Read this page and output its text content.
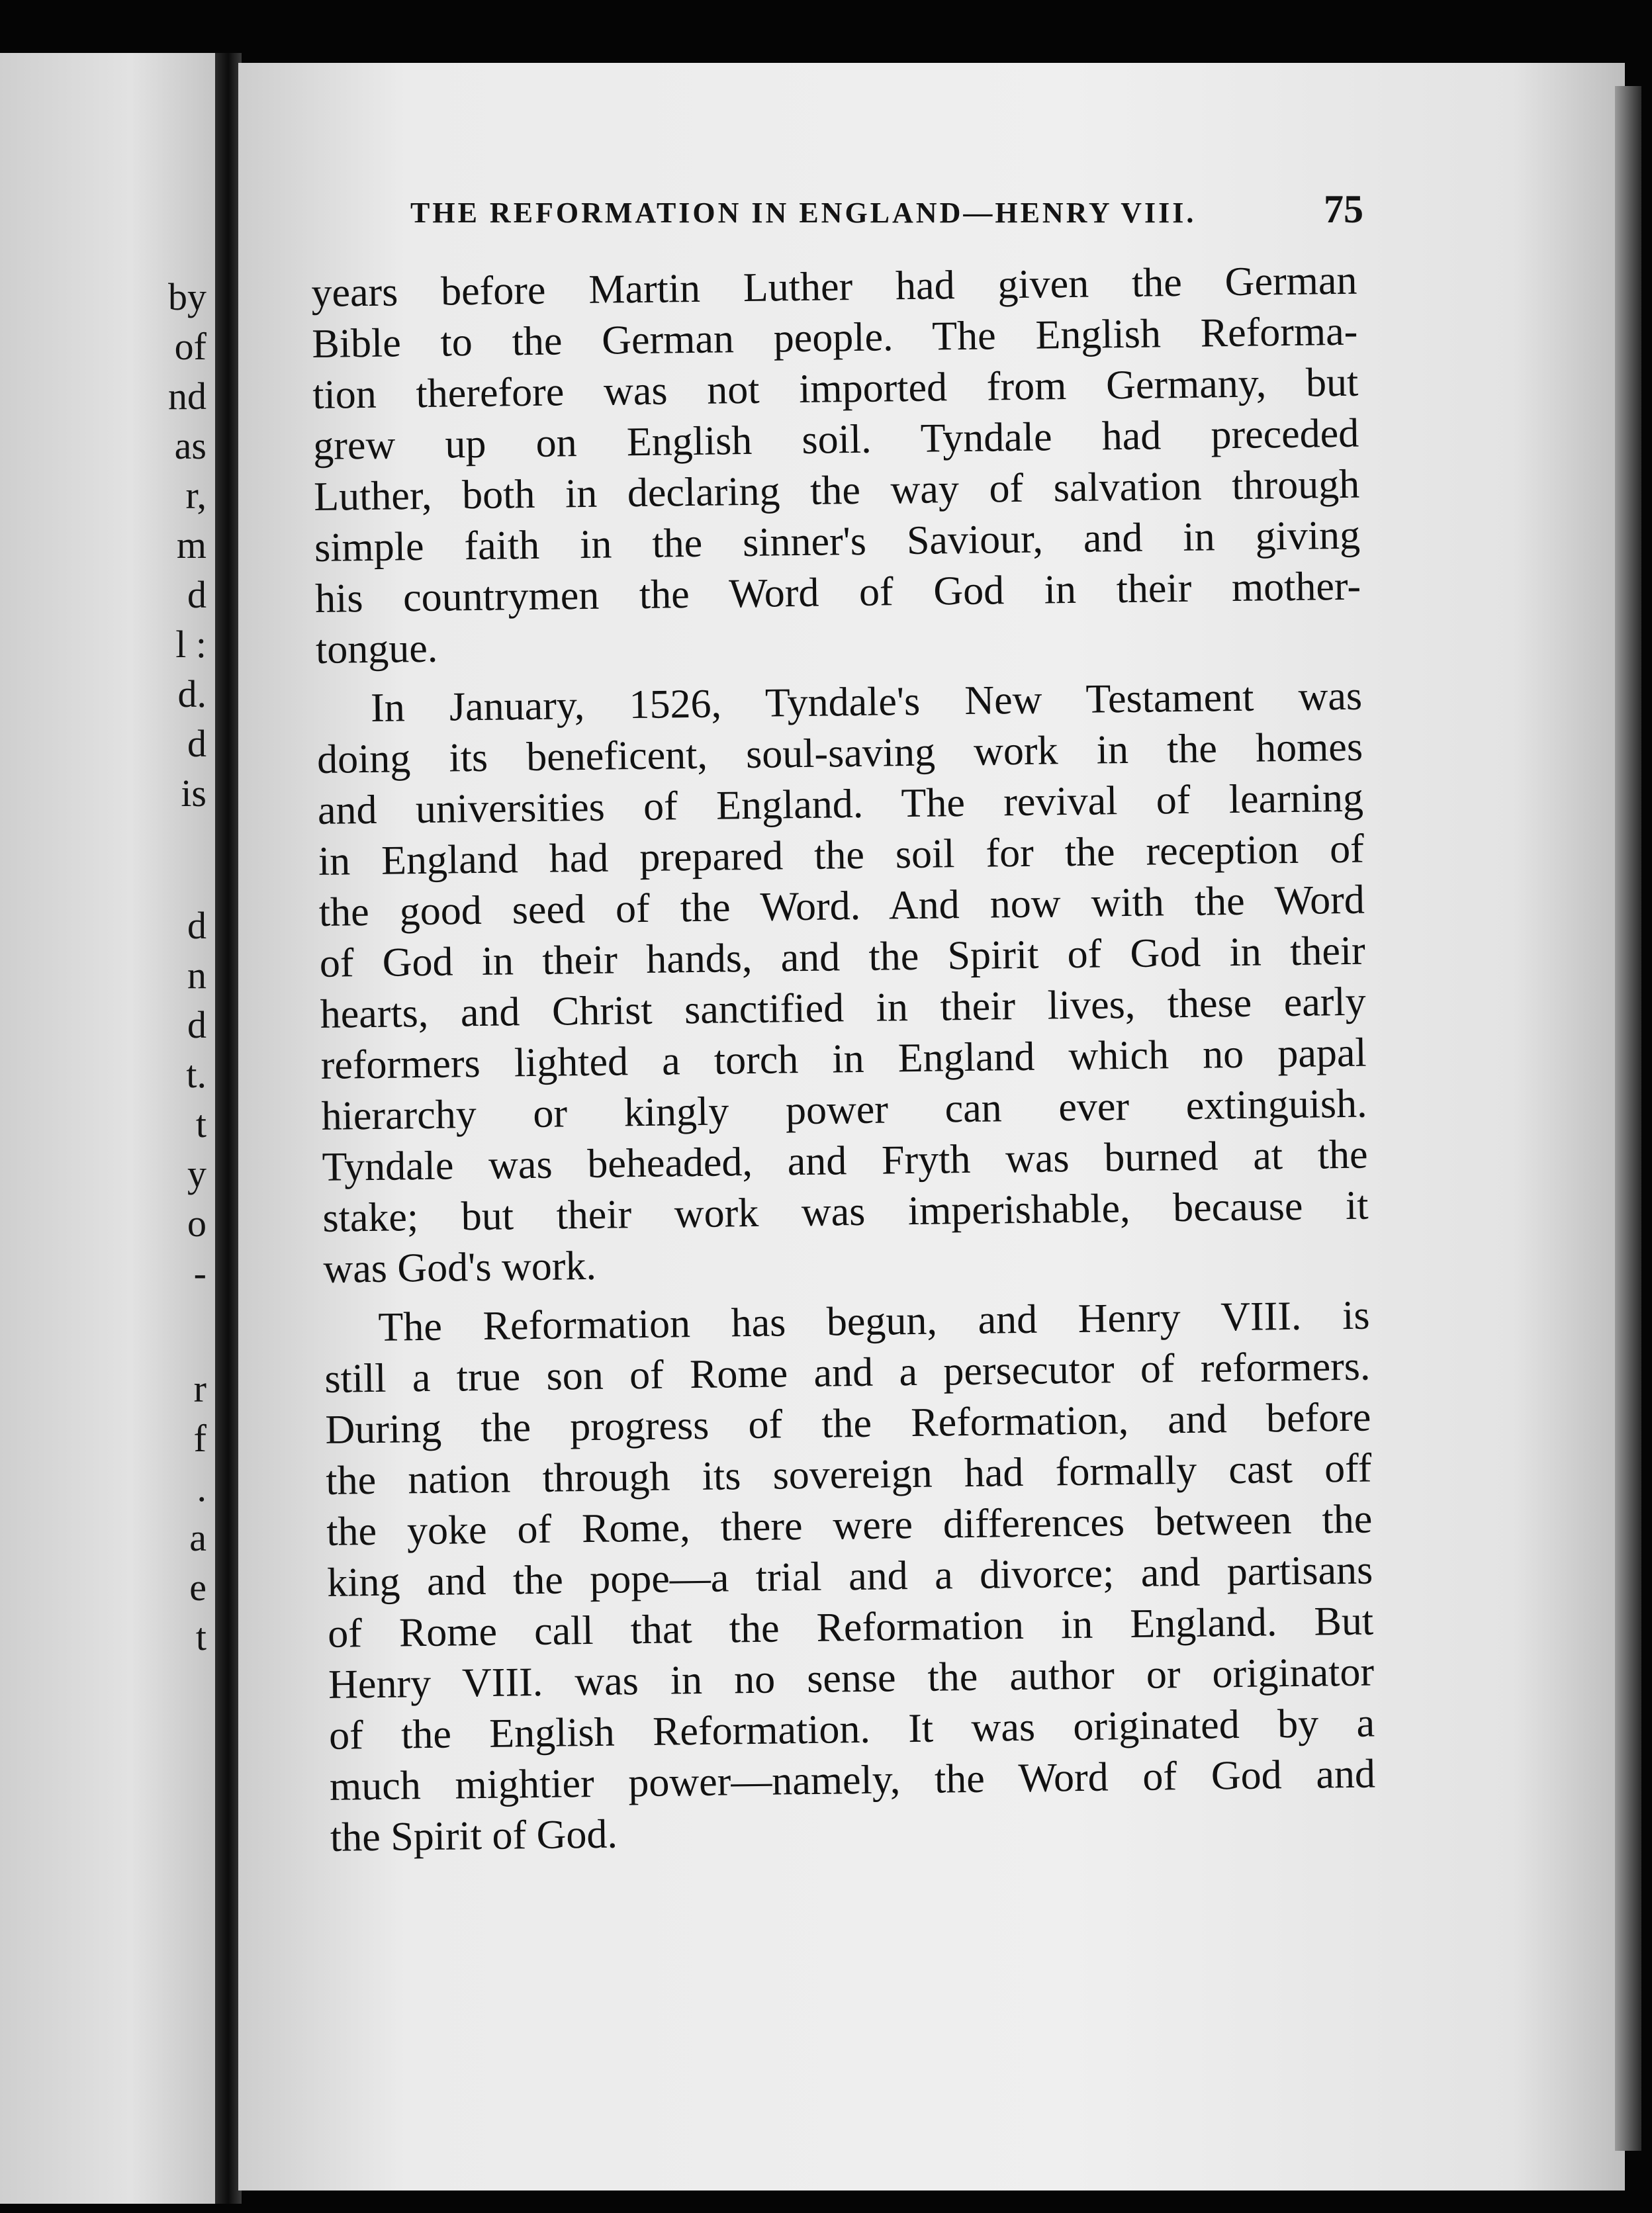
by
of
nd
as
r,
m
d
l :
d.
d
is
d
n
d
t.
t
y
o
-
r
f
.
a
e
t
THE REFORMATION IN ENGLAND—HENRY VIII.	75
years before Martin Luther had given the German
Bible to the German people. The English Reforma-
tion therefore was not imported from Germany, but
grew up on English soil. Tyndale had preceded
Luther, both in declaring the way of salvation through
simple faith in the sinner's Saviour, and in giving
his countrymen the Word of God in their mother-
tongue.
In January, 1526, Tyndale's New Testament was
doing its beneficent, soul-saving work in the homes
and universities of England. The revival of learning
in England had prepared the soil for the reception of
the good seed of the Word. And now with the Word
of God in their hands, and the Spirit of God in their
hearts, and Christ sanctified in their lives, these early
reformers lighted a torch in England which no papal
hierarchy or kingly power can ever extinguish.
Tyndale was beheaded, and Fryth was burned at the
stake; but their work was imperishable, because it
was God's work.
The Reformation has begun, and Henry VIII. is
still a true son of Rome and a persecutor of reformers.
During the progress of the Reformation, and before
the nation through its sovereign had formally cast off
the yoke of Rome, there were differences between the
king and the pope—a trial and a divorce; and partisans
of Rome call that the Reformation in England. But
Henry VIII. was in no sense the author or originator
of the English Reformation. It was originated by a
much mightier power—namely, the Word of God and
the Spirit of God.
